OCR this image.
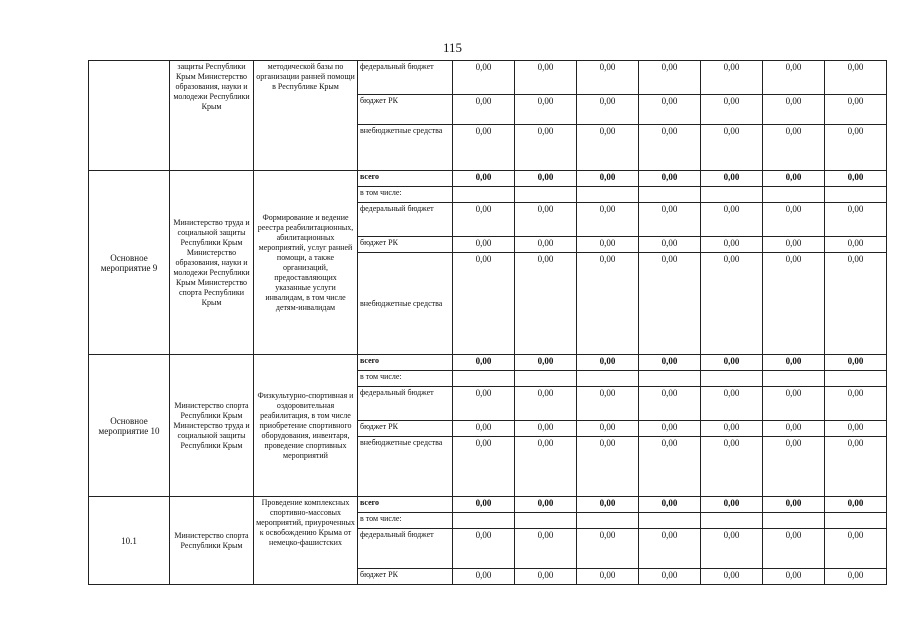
115
	защиты Республики Крым Министерство образования, науки и молодежи Республики Крым	методической базы по организации ранней помощи в Республике Крым	федеральный бюджет	0,00	0,00	0,00	0,00	0,00	0,00	0,00
			бюджет РК	0,00	0,00	0,00	0,00	0,00	0,00	0,00
			внебюджетные средства	0,00	0,00	0,00	0,00	0,00	0,00	0,00
Основное мероприятие 9	Министерство труда и социальной защиты Республики Крым Министерство образования, науки и молодежи Республики Крым Министерство спорта Республики Крым	Формирование и ведение реестра реабилитационных, абилитационных мероприятий, услуг ранней помощи, а также организаций, предоставляющих указанные услуги инвалидам, в том числе детям-инвалидам	всего	0,00	0,00	0,00	0,00	0,00	0,00	0,00
			в том числе:							
			федеральный бюджет	0,00	0,00	0,00	0,00	0,00	0,00	0,00
			бюджет РК	0,00	0,00	0,00	0,00	0,00	0,00	0,00
			внебюджетные средства	0,00	0,00	0,00	0,00	0,00	0,00	0,00
Основное мероприятие 10	Министерство спорта Республики Крым Министерство труда и социальной защиты Республики Крым	Физкультурно-спортивная и оздоровительная реабилитация, в том числе приобретение спортивного оборудования, инвентаря, проведение спортивных мероприятий	всего	0,00	0,00	0,00	0,00	0,00	0,00	0,00
			в том числе:							
			федеральный бюджет	0,00	0,00	0,00	0,00	0,00	0,00	0,00
			бюджет РК	0,00	0,00	0,00	0,00	0,00	0,00	0,00
			внебюджетные средства	0,00	0,00	0,00	0,00	0,00	0,00	0,00
10.1	Министерство спорта Республики Крым	Проведение комплексных спортивно-массовых мероприятий, приуроченных к освобождению Крыма от немецко-фашистских	всего	0,00	0,00	0,00	0,00	0,00	0,00	0,00
			в том числе:							
			федеральный бюджет	0,00	0,00	0,00	0,00	0,00	0,00	0,00
			бюджет РК	0,00	0,00	0,00	0,00	0,00	0,00	0,00
